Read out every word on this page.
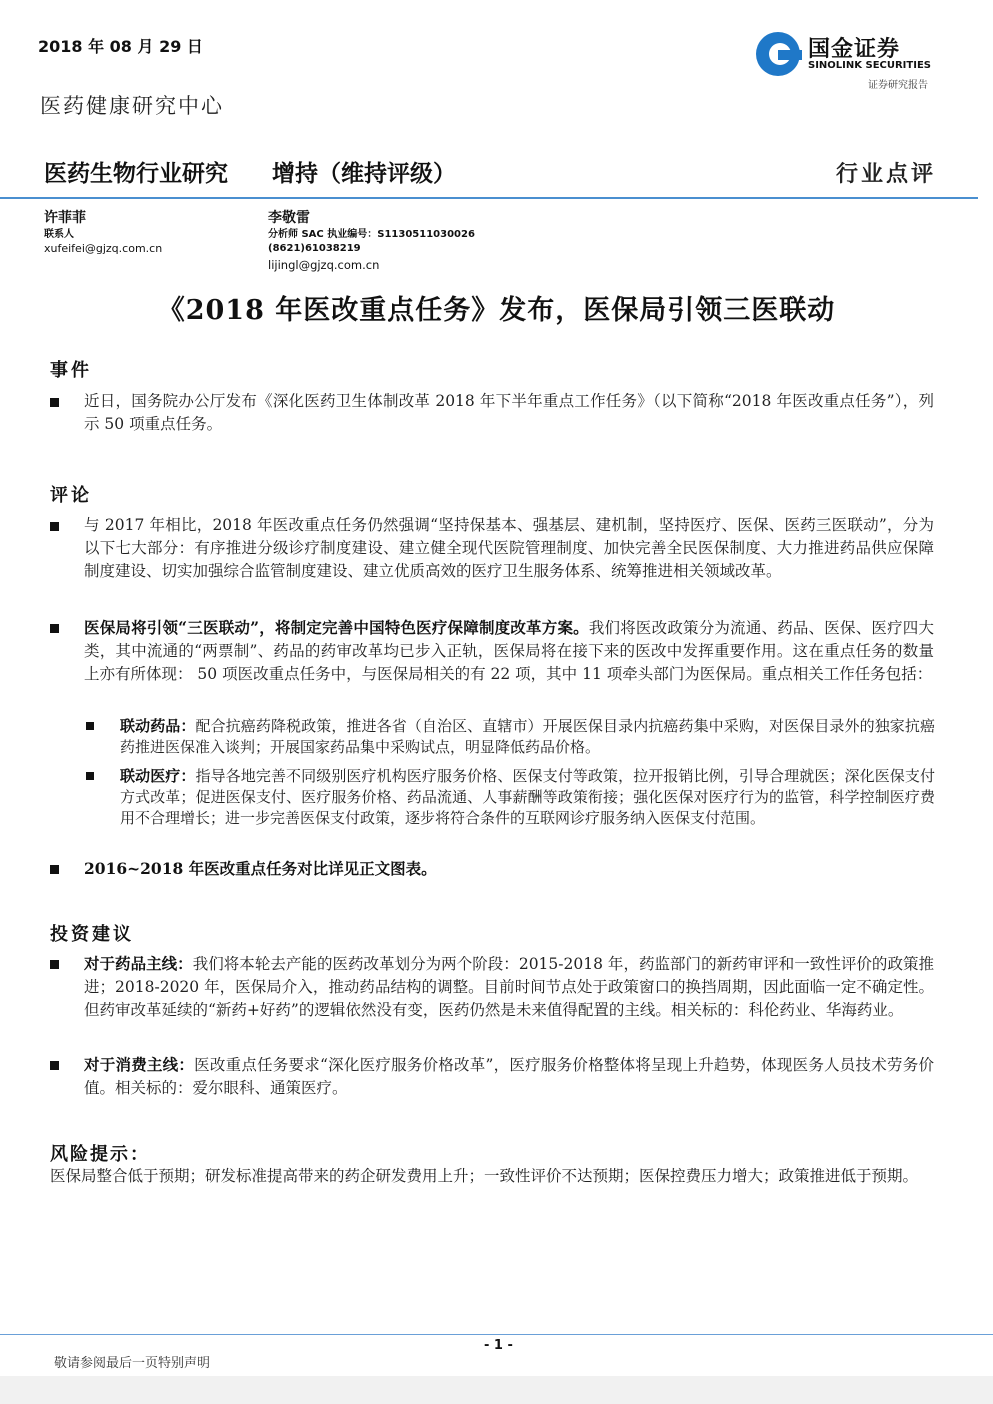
2018 年 08 月 29 日
医药健康研究中心
国金证券
SINOLINK SECURITIES
证券研究报告
医药生物行业研究 增持（维持评级）	行业点评
许菲菲
联系人
xufeifei@gjzq.com.cn
李敬雷
分析师 SAC 执业编号：S1130511030026
(8621)61038219
lijingl@gjzq.com.cn
《2018 年医改重点任务》发布，医保局引领三医联动
事件
近日，国务院办公厅发布《深化医药卫生体制改革 2018 年下半年重点工作任务》（以下简称“2018 年医改重点任务”），列示 50 项重点任务。
评论
与 2017 年相比，2018 年医改重点任务仍然强调“坚持保基本、强基层、建机制，坚持医疗、医保、医药三医联动”，分为以下七大部分：有序推进分级诊疗制度建设、建立健全现代医院管理制度、加快完善全民医保制度、大力推进药品供应保障制度建设、切实加强综合监管制度建设、建立优质高效的医疗卫生服务体系、统筹推进相关领域改革。
医保局将引领“三医联动”，将制定完善中国特色医疗保障制度改革方案。我们将医改政策分为流通、药品、医保、医疗四大类，其中流通的“两票制”、药品的药审改革均已步入正轨，医保局将在接下来的医改中发挥重要作用。这在重点任务的数量上亦有所体现： 50 项医改重点任务中，与医保局相关的有 22 项，其中 11 项牵头部门为医保局。重点相关工作任务包括：
联动药品：配合抗癌药降税政策，推进各省（自治区、直辖市）开展医保目录内抗癌药集中采购，对医保目录外的独家抗癌药推进医保准入谈判；开展国家药品集中采购试点，明显降低药品价格。
联动医疗：指导各地完善不同级别医疗机构医疗服务价格、医保支付等政策，拉开报销比例，引导合理就医；深化医保支付方式改革；促进医保支付、医疗服务价格、药品流通、人事薪酬等政策衔接；强化医保对医疗行为的监管，科学控制医疗费用不合理增长；进一步完善医保支付政策，逐步将符合条件的互联网诊疗服务纳入医保支付范围。
2016~2018 年医改重点任务对比详见正文图表。
投资建议
对于药品主线：我们将本轮去产能的医药改革划分为两个阶段：2015-2018 年，药监部门的新药审评和一致性评价的政策推进；2018-2020 年，医保局介入，推动药品结构的调整。目前时间节点处于政策窗口的换挡周期，因此面临一定不确定性。但药审改革延续的“新药+好药”的逻辑依然没有变，医药仍然是未来值得配置的主线。相关标的：科伦药业、华海药业。
对于消费主线：医改重点任务要求“深化医疗服务价格改革”，医疗服务价格整体将呈现上升趋势，体现医务人员技术劳务价值。相关标的：爱尔眼科、通策医疗。
风险提示：
医保局整合低于预期；研发标准提高带来的药企研发费用上升；一致性评价不达预期；医保控费压力增大；政策推进低于预期。
- 1 -
敬请参阅最后一页特别声明
